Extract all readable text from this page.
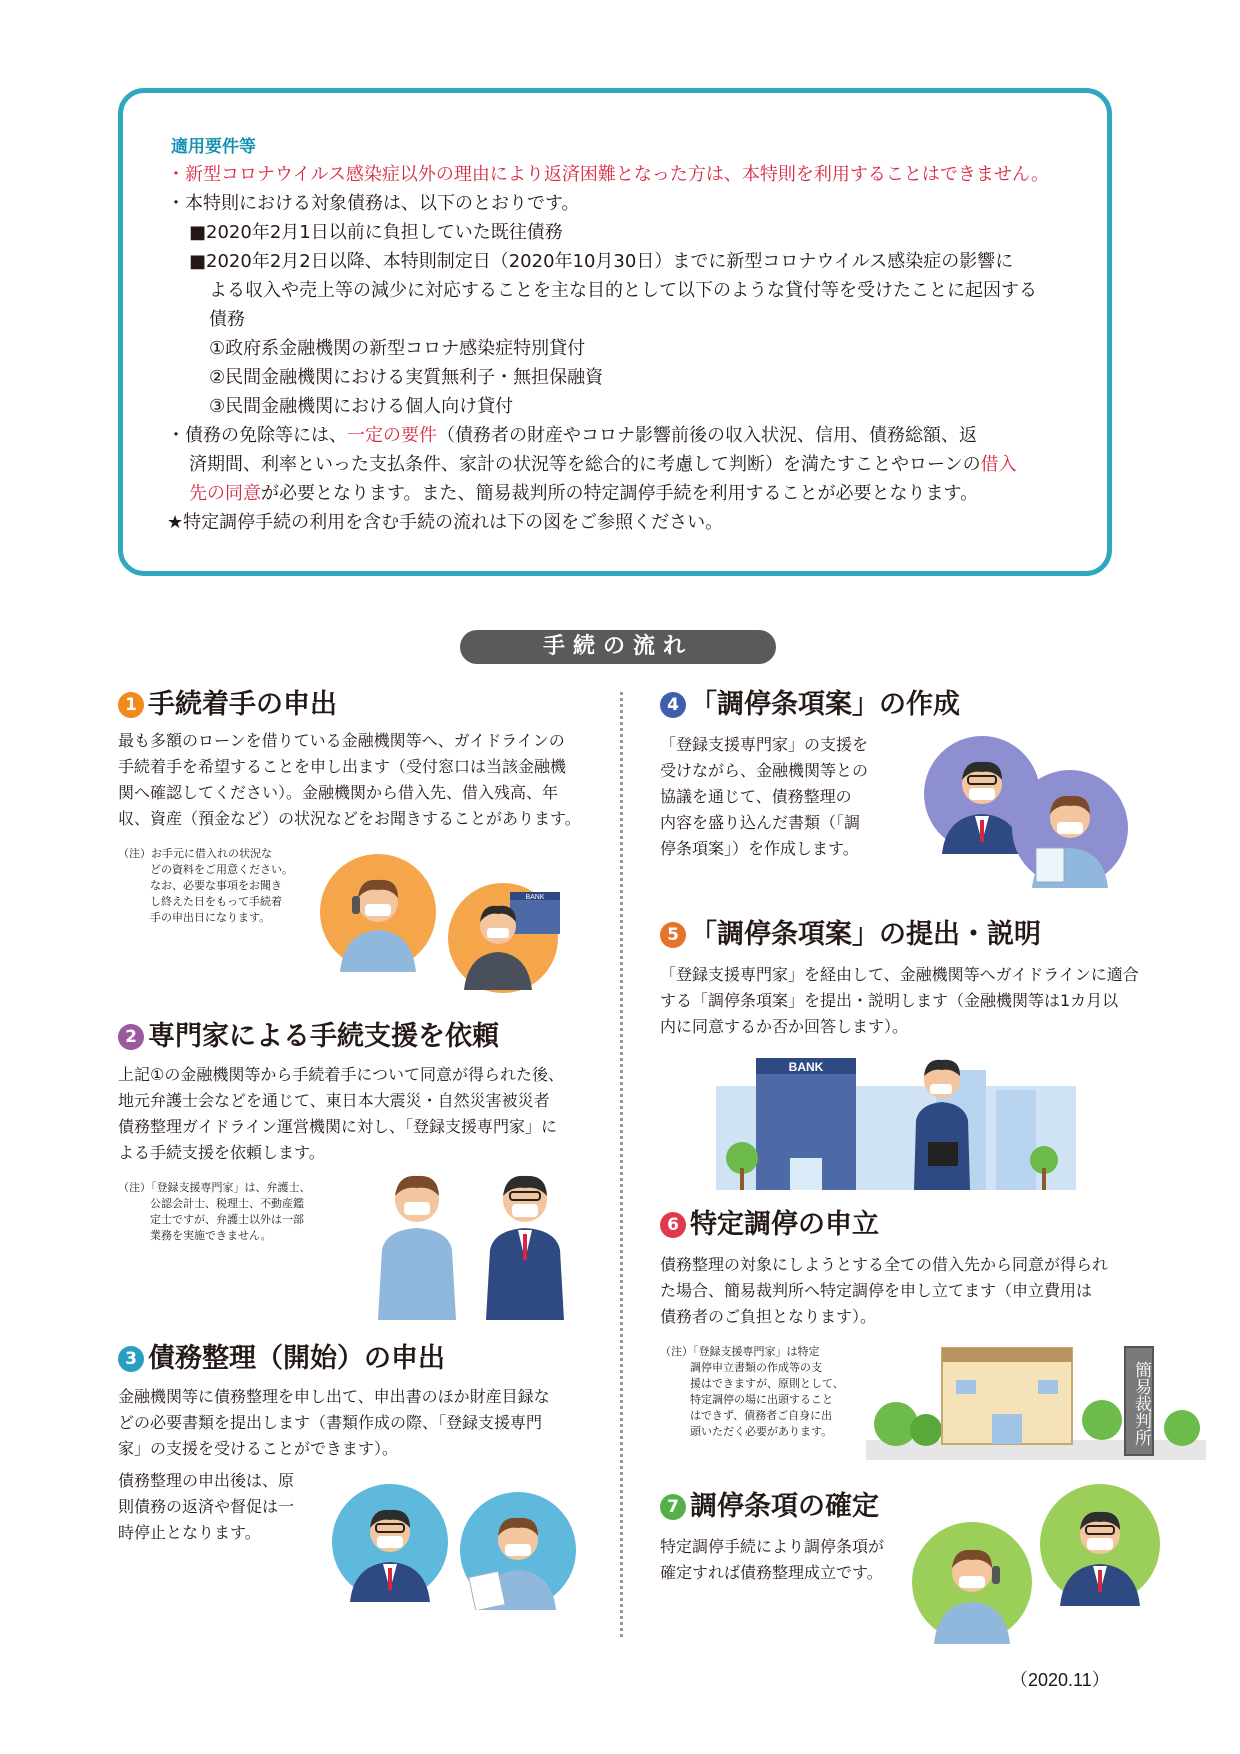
適用要件等
・新型コロナウイルス感染症以外の理由により返済困難となった方は、本特則を利用することはできません。
・本特則における対象債務は、以下のとおりです。
■2020年2月1日以前に負担していた既往債務
■2020年2月2日以降、本特則制定日（2020年10月30日）までに新型コロナウイルス感染症の影響に
よる収入や売上等の減少に対応することを主な目的として以下のような貸付等を受けたことに起因する
債務
①政府系金融機関の新型コロナ感染症特別貸付
②民間金融機関における実質無利子・無担保融資
③民間金融機関における個人向け貸付
・債務の免除等には、一定の要件（債務者の財産やコロナ影響前後の収入状況、信用、債務総額、返
済期間、利率といった支払条件、家計の状況等を総合的に考慮して判断）を満たすことやローンの借入
先の同意が必要となります。また、簡易裁判所の特定調停手続を利用することが必要となります。
★特定調停手続の利用を含む手続の流れは下の図をご参照ください。
手続の流れ
1 手続着手の申出
最も多額のローンを借りている金融機関等へ、ガイドラインの
手続着手を希望することを申し出ます（受付窓口は当該金融機
関へ確認してください）。金融機関から借入先、借入残高、年
収、資産（預金など）の状況などをお聞きすることがあります。
（注）お手元に借入れの状況な
どの資料をご用意ください。
なお、必要な事項をお聞き
し終えた日をもって手続着
手の申出日になります。
BANK
2 専門家による手続支援を依頼
上記①の金融機関等から手続着手について同意が得られた後、
地元弁護士会などを通じて、東日本大震災・自然災害被災者
債務整理ガイドライン運営機関に対し、「登録支援専門家」に
よる手続支援を依頼します。
（注）「登録支援専門家」は、弁護士、
公認会計士、税理士、不動産鑑
定士ですが、弁護士以外は一部
業務を実施できません。
3 債務整理（開始）の申出
金融機関等に債務整理を申し出て、申出書のほか財産目録な
どの必要書類を提出します（書類作成の際、「登録支援専門
家」の支援を受けることができます）。
債務整理の申出後は、原
則債務の返済や督促は一
時停止となります。
4 「調停条項案」の作成
「登録支援専門家」の支援を
受けながら、金融機関等との
協議を通じて、債務整理の
内容を盛り込んだ書類（「調
停条項案」）を作成します。
5 「調停条項案」の提出・説明
「登録支援専門家」を経由して、金融機関等へガイドラインに適合
する「調停条項案」を提出・説明します（金融機関等は1カ月以
内に同意するか否か回答します）。
BANK
6 特定調停の申立
債務整理の対象にしようとする全ての借入先から同意が得られ
た場合、簡易裁判所へ特定調停を申し立てます（申立費用は
債務者のご負担となります）。
（注）「登録支援専門家」は特定
調停申立書類の作成等の支
援はできますが、原則として、
特定調停の場に出頭すること
はできず、債務者ご自身に出
頭いただく必要があります。	簡易裁判所
7 調停条項の確定
特定調停手続により調停条項が
確定すれば債務整理成立です。
（2020.11）
